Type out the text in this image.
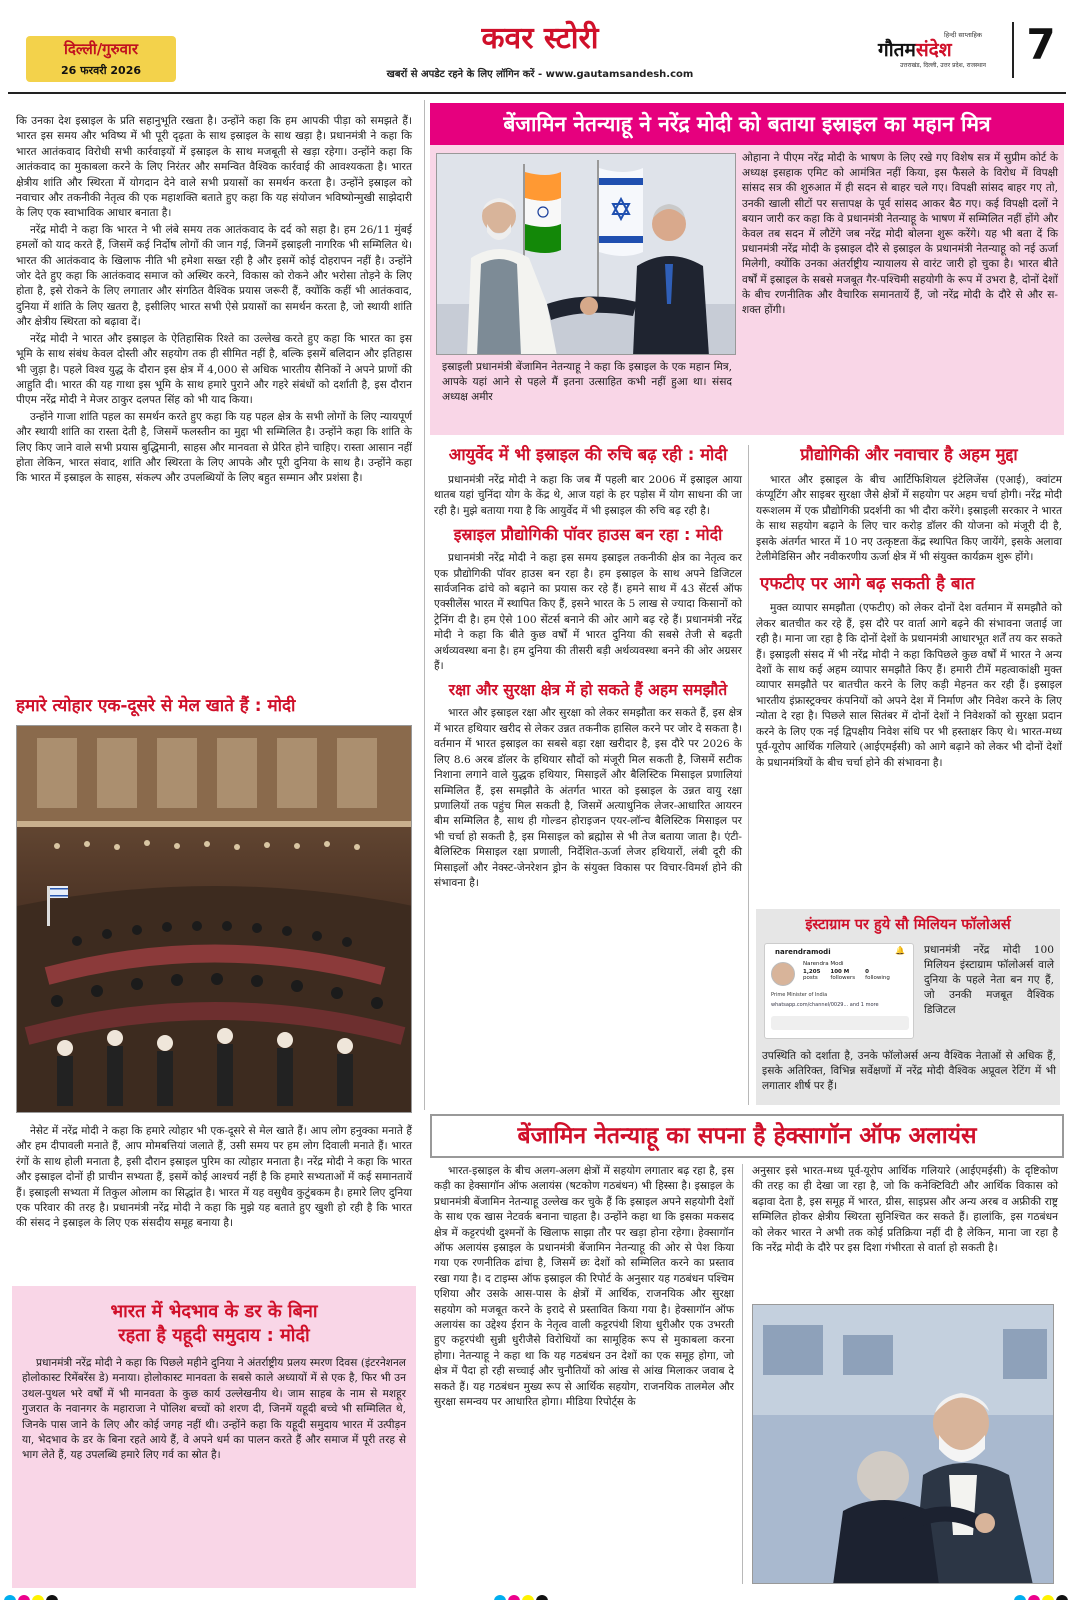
दिल्ली/गुरुवार
26 फरवरी 2026
कवर स्टोरी
खबरों से अपडेट रहने के लिए लॉगिन करें - www.gautamsandesh.com
हिन्दी साप्ताहिक
गौतमसंदेश
उत्तराखंड, दिल्ली, उत्तर प्रदेश, राजस्थान 7

कि उनका देश इस्राइल के प्रति सहानुभूति रखता है। उन्होंने कहा कि हम आपकी पीड़ा को समझते हैं। भारत इस समय और भविष्य में भी पूरी दृढ़ता के साथ इस्राइल के साथ खड़ा है। प्रधानमंत्री ने कहा कि भारत आतंकवाद विरोधी सभी कार्रवाइयों में इस्राइल के साथ मजबूती से खड़ा रहेगा। उन्होंने कहा कि आतंकवाद का मुकाबला करने के लिए निरंतर और समन्वित वैश्विक कार्रवाई की आवश्यकता है। भारत क्षेत्रीय शांति और स्थिरता में योगदान देने वाले सभी प्रयासों का समर्थन करता है। उन्होंने इस्राइल को नवाचार और तकनीकी नेतृत्व की एक महाशक्ति बताते हुए कहा कि यह संयोजन भविष्योन्मुखी साझेदारी के लिए एक स्वाभाविक आधार बनाता है।

नरेंद्र मोदी ने कहा कि भारत ने भी लंबे समय तक आतंकवाद के दर्द को सहा है। हम 26/11 मुंबई हमलों को याद करते हैं, जिसमें कई निर्दोष लोगों की जान गई, जिनमें इस्राइली नागरिक भी सम्मिलित थे। भारत की आतंकवाद के खिलाफ नीति भी हमेशा सख्त रही है और इसमें कोई दोहरापन नहीं है। उन्होंने जोर देते हुए कहा कि आतंकवाद समाज को अस्थिर करने, विकास को रोकने और भरोसा तोड़ने के लिए होता है, इसे रोकने के लिए लगातार और संगठित वैश्विक प्रयास जरूरी हैं, क्योंकि कहीं भी आतंकवाद, दुनिया में शांति के लिए खतरा है, इसीलिए भारत सभी ऐसे प्रयासों का समर्थन करता है, जो स्थायी शांति और क्षेत्रीय स्थिरता को बढ़ावा दें।

नरेंद्र मोदी ने भारत और इस्राइल के ऐतिहासिक रिश्ते का उल्लेख करते हुए कहा कि भारत का इस भूमि के साथ संबंध केवल दोस्ती और सहयोग तक ही सीमित नहीं है, बल्कि इसमें बलिदान और इतिहास भी जुड़ा है। पहले विश्व युद्ध के दौरान इस क्षेत्र में 4,000 से अधिक भारतीय सैनिकों ने अपने प्राणों की आहुति दी। भारत की यह गाथा इस भूमि के साथ हमारे पुराने और गहरे संबंधों को दर्शाती है, इस दौरान पीएम नरेंद्र मोदी ने मेजर ठाकुर दलपत सिंह को भी याद किया।

उन्होंने गाजा शांति पहल का समर्थन करते हुए कहा कि यह पहल क्षेत्र के सभी लोगों के लिए न्यायपूर्ण और स्थायी शांति का रास्ता देती है, जिसमें फलस्तीन का मुद्दा भी सम्मिलित है। उन्होंने कहा कि शांति के लिए किए जाने वाले सभी प्रयास बुद्धिमानी, साहस और मानवता से प्रेरित होने चाहिए। रास्ता आसान नहीं होता लेकिन, भारत संवाद, शांति और स्थिरता के लिए आपके और पूरी दुनिया के साथ है। उन्होंने कहा कि भारत में इस्राइल के साहस, संकल्प और उपलब्धियों के लिए बहुत सम्मान और प्रशंसा है।

हमारे त्योहार एक-दूसरे से मेल खाते हैं : मोदी

नेसेट में नरेंद्र मोदी ने कहा कि हमारे त्योहार भी एक-दूसरे से मेल खाते हैं। आप लोग हनुक्का मनाते हैं और हम दीपावली मनाते हैं, आप मोमबत्तियां जलाते हैं, उसी समय पर हम लोग दिवाली मनाते हैं। भारत रंगों के साथ होली मनाता है, इसी दौरान इस्राइल पुरिम का त्योहार मनाता है। नरेंद्र मोदी ने कहा कि भारत और इस्राइल दोनों ही प्राचीन सभ्यता हैं, इसमें कोई आश्चर्य नहीं है कि हमारे सभ्यताओं में कई समानतायें हैं। इस्राइली सभ्यता में तिकुल ओलाम का सिद्धांत है। भारत में यह वसुधैव कुटुंबकम है। हमारे लिए दुनिया एक परिवार की तरह है। प्रधानमंत्री नरेंद्र मोदी ने कहा कि मुझे यह बताते हुए खुशी हो रही है कि भारत की संसद ने इस्राइल के लिए एक संसदीय समूह बनाया है।

भारत में भेदभाव के डर के बिना
रहता है यहूदी समुदाय : मोदी

प्रधानमंत्री नरेंद्र मोदी ने कहा कि पिछले महीने दुनिया ने अंतर्राष्ट्रीय प्रलय स्मरण दिवस (इंटरनेशनल होलोकास्ट रिमेंबरेंस डे) मनाया। होलोकास्ट मानवता के सबसे काले अध्यायों में से एक है, फिर भी उन उथल-पुथल भरे वर्षों में भी मानवता के कुछ कार्य उल्लेखनीय थे। जाम साहब के नाम से मशहूर गुजरात के नवानगर के महाराजा ने पोलिश बच्चों को शरण दी, जिनमें यहूदी बच्चे भी सम्मिलित थे, जिनके पास जाने के लिए और कोई जगह नहीं थी। उन्होंने कहा कि यहूदी समुदाय भारत में उत्पीड़न या, भेदभाव के डर के बिना रहते आये हैं, वे अपने धर्म का पालन करते हैं और समाज में पूरी तरह से भाग लेते हैं, यह उपलब्धि हमारे लिए गर्व का स्रोत है।

बेंजामिन नेतन्याहू ने नरेंद्र मोदी को बताया इस्राइल का महान मित्र
इस्राइली प्रधानमंत्री बेंजामिन नेतन्याहू ने कहा कि इस्राइल के एक महान मित्र, आपके यहां आने से पहले मैं इतना उत्साहित कभी नहीं हुआ था। संसद अध्यक्ष अमीर

ओहाना ने पीएम नरेंद्र मोदी के भाषण के लिए रखे गए विशेष सत्र में सुप्रीम कोर्ट के अध्यक्ष इसहाक एमिट को आमंत्रित नहीं किया, इस फैसले के विरोध में विपक्षी सांसद सत्र की शुरुआत में ही सदन से बाहर चले गए। विपक्षी सांसद बाहर गए तो, उनकी खाली सीटों पर सत्तापक्ष के पूर्व सांसद आकर बैठ गए। कई विपक्षी दलों ने बयान जारी कर कहा कि वे प्रधानमंत्री नेतन्याहू के भाषण में सम्मिलित नहीं होंगे और केवल तब सदन में लौटेंगे जब नरेंद्र मोदी बोलना शुरू करेंगे। यह भी बता दें कि प्रधानमंत्री नरेंद्र मोदी के इस्राइल दौरे से इस्राइल के प्रधानमंत्री नेतन्याहू को नई ऊर्जा मिलेगी, क्योंकि उनका अंतर्राष्ट्रीय न्यायालय से वारंट जारी हो चुका है। भारत बीते वर्षों में इस्राइल के सबसे मजबूत गैर-पश्चिमी सहयोगी के रूप में उभरा है, दोनों देशों के बीच रणनीतिक और वैचारिक समानतायें हैं, जो नरेंद्र मोदी के दौरे से और स-शक्त होंगी।

आयुर्वेद में भी इस्राइल की रुचि बढ़ रही : मोदी

प्रधानमंत्री नरेंद्र मोदी ने कहा कि जब मैं पहली बार 2006 में इस्राइल आया थातब यहां चुनिंदा योग के केंद्र थे, आज यहां के हर पड़ोस में योग साधना की जा रही है। मुझे बताया गया है कि आयुर्वेद में भी इस्राइल की रुचि बढ़ रही है।

इस्राइल प्रौद्योगिकी पॉवर हाउस बन रहा : मोदी

प्रधानमंत्री नरेंद्र मोदी ने कहा इस समय इस्राइल तकनीकी क्षेत्र का नेतृत्व कर एक प्रौद्योगिकी पॉवर हाउस बन रहा है। हम इस्राइल के साथ अपने डिजिटल सार्वजनिक ढांचे को बढ़ाने का प्रयास कर रहे हैं। हमने साथ में 43 सेंटर्स ऑफ एक्सीलेंस भारत में स्थापित किए हैं, इसने भारत के 5 लाख से ज्यादा किसानों को ट्रेनिंग दी है। हम ऐसे 100 सेंटर्स बनाने की ओर आगे बढ़ रहे हैं। प्रधानमंत्री नरेंद्र मोदी ने कहा कि बीते कुछ वर्षों में भारत दुनिया की सबसे तेजी से बढ़ती अर्थव्यवस्था बना है। हम दुनिया की तीसरी बड़ी अर्थव्यवस्था बनने की ओर अग्रसर हैं।

रक्षा और सुरक्षा क्षेत्र में हो सकते हैं अहम समझौते

भारत और इस्राइल रक्षा और सुरक्षा को लेकर समझौता कर सकते हैं, इस क्षेत्र में भारत हथियार खरीद से लेकर उन्नत तकनीक हासिल करने पर जोर दे सकता है। वर्तमान में भारत इस्राइल का सबसे बड़ा रक्षा खरीदार है, इस दौरे पर 2026 के लिए 8.6 अरब डॉलर के हथियार सौदों को मंजूरी मिल सकती है, जिसमें सटीक निशाना लगाने वाले युद्धक हथियार, मिसाइलें और बैलिस्टिक मिसाइल प्रणालियां सम्मिलित हैं, इस समझौते के अंतर्गत भारत को इस्राइल के उन्नत वायु रक्षा प्रणालियों तक पहुंच मिल सकती है, जिसमें अत्याधुनिक लेजर-आधारित आयरन बीम सम्मिलित है, साथ ही गोल्डन होराइजन एयर-लॉन्च बैलिस्टिक मिसाइल पर भी चर्चा हो सकती है, इस मिसाइल को ब्रह्मोस से भी तेज बताया जाता है। एंटी-बैलिस्टिक मिसाइल रक्षा प्रणाली, निर्देशित-ऊर्जा लेजर हथियारों, लंबी दूरी की मिसाइलों और नेक्स्ट-जेनरेशन ड्रोन के संयुक्त विकास पर विचार-विमर्श होने की संभावना है।

प्रौद्योगिकी और नवाचार है अहम मुद्दा

भारत और इस्राइल के बीच आर्टिफिशियल इंटेलिजेंस (एआई), क्वांटम कंप्यूटिंग और साइबर सुरक्षा जैसे क्षेत्रों में सहयोग पर अहम चर्चा होगी। नरेंद्र मोदी यरूशलम में एक प्रौद्योगिकी प्रदर्शनी का भी दौरा करेंगे। इस्राइली सरकार ने भारत के साथ सहयोग बढ़ाने के लिए चार करोड़ डॉलर की योजना को मंजूरी दी है, इसके अंतर्गत भारत में 10 नए उत्कृष्टता केंद्र स्थापित किए जायेंगे, इसके अलावा टेलीमेडिसिन और नवीकरणीय ऊर्जा क्षेत्र में भी संयुक्त कार्यक्रम शुरू होंगे।

एफटीए पर आगे बढ़ सकती है बात

मुक्त व्यापार समझौता (एफटीए) को लेकर दोनों देश वर्तमान में समझौते को लेकर बातचीत कर रहे हैं, इस दौरे पर वार्ता आगे बढ़ने की संभावना जताई जा रही है। माना जा रहा है कि दोनों देशों के प्रधानमंत्री आधारभूत शर्तें तय कर सकते हैं। इस्राइली संसद में भी नरेंद्र मोदी ने कहा किपिछले कुछ वर्षों में भारत ने अन्य देशों के साथ कई अहम व्यापार समझौते किए हैं। हमारी टीमें महत्वाकांक्षी मुक्त व्यापार समझौते पर बातचीत करने के लिए कड़ी मेहनत कर रही हैं। इस्राइल भारतीय इंफ्रास्ट्रक्चर कंपनियों को अपने देश में निर्माण और निवेश करने के लिए न्योता दे रहा है। पिछले साल सितंबर में दोनों देशों ने निवेशकों को सुरक्षा प्रदान करने के लिए एक नई द्विपक्षीय निवेश संधि पर भी हस्ताक्षर किए थे। भारत-मध्य पूर्व-यूरोप आर्थिक गलियारे (आईएमईसी) को आगे बढ़ाने को लेकर भी दोनों देशों के प्रधानमंत्रियों के बीच चर्चा होने की संभावना है।

इंस्टाग्राम पर हुये सौ मिलियन फॉलोअर्स
narendramodi	🔔
Narendra Modi
1,205
posts
100 M
followers
0
following
Prime Minister of India
whatsapp.com/channel/0029... and 1 more

प्रधानमंत्री नरेंद्र मोदी 100 मिलियन इंस्टाग्राम फॉलोअर्स वाले दुनिया के पहले नेता बन गए हैं, जो उनकी मजबूत वैश्विक डिजिटल

उपस्थिति को दर्शाता है, उनके फॉलोअर्स अन्य वैश्विक नेताओं से अधिक हैं, इसके अतिरिक्त, विभिन्न सर्वेक्षणों में नरेंद्र मोदी वैश्विक अप्रूवल रेटिंग में भी लगातार शीर्ष पर हैं।

बेंजामिन नेतन्याहू का सपना है हेक्सागॉन ऑफ अलायंस

भारत-इस्राइल के बीच अलग-अलग क्षेत्रों में सहयोग लगातार बढ़ रहा है, इस कड़ी का हेक्सागॉन ऑफ अलायंस (षटकोण गठबंधन) भी हिस्सा है। इस्राइल के प्रधानमंत्री बेंजामिन नेतन्याहू उल्लेख कर चुके हैं कि इस्राइल अपने सहयोगी देशों के साथ एक खास नेटवर्क बनाना चाहता है। उन्होंने कहा था कि इसका मकसद क्षेत्र में कट्टरपंथी दुश्मनों के खिलाफ साझा तौर पर खड़ा होना रहेगा। हेक्सागॉन ऑफ अलायंस इस्राइल के प्रधानमंत्री बेंजामिन नेतन्याहू की ओर से पेश किया गया एक रणनीतिक ढांचा है, जिसमें छः देशों को सम्मिलित करने का प्रस्ताव रखा गया है। द टाइम्स ऑफ इस्राइल की रिपोर्ट के अनुसार यह गठबंधन पश्चिम एशिया और उसके आस-पास के क्षेत्रों में आर्थिक, राजनयिक और सुरक्षा सहयोग को मजबूत करने के इरादे से प्रस्तावित किया गया है। हेक्सागॉन ऑफ अलायंस का उद्देश्य ईरान के नेतृत्व वाली कट्टरपंथी शिया धुरीऔर एक उभरती हुए कट्टरपंथी सुन्नी धुरीजैसे विरोधियों का सामूहिक रूप से मुकाबला करना होगा। नेतन्याहू ने कहा था कि यह गठबंधन उन देशों का एक समूह होगा, जो क्षेत्र में पैदा हो रही सच्चाई और चुनौतियों को आंख से आंख मिलाकर जवाब दे सकते हैं। यह गठबंधन मुख्य रूप से आर्थिक सहयोग, राजनयिक तालमेल और सुरक्षा समन्वय पर आधारित होगा। मीडिया रिपोर्ट्स के

अनुसार इसे भारत-मध्य पूर्व-यूरोप आर्थिक गलियारे (आईएमईसी) के दृष्टिकोण की तरह का ही देखा जा रहा है, जो कि कनेक्टिविटी और आर्थिक विकास को बढ़ावा देता है, इस समूह में भारत, ग्रीस, साइप्रस और अन्य अरब व अफ्रीकी राष्ट्र सम्मिलित होकर क्षेत्रीय स्थिरता सुनिश्चित कर सकते हैं। हालांकि, इस गठबंधन को लेकर भारत ने अभी तक कोई प्रतिक्रिया नहीं दी है लेकिन, माना जा रहा है कि नरेंद्र मोदी के दौरे पर इस दिशा गंभीरता से वार्ता हो सकती है।
